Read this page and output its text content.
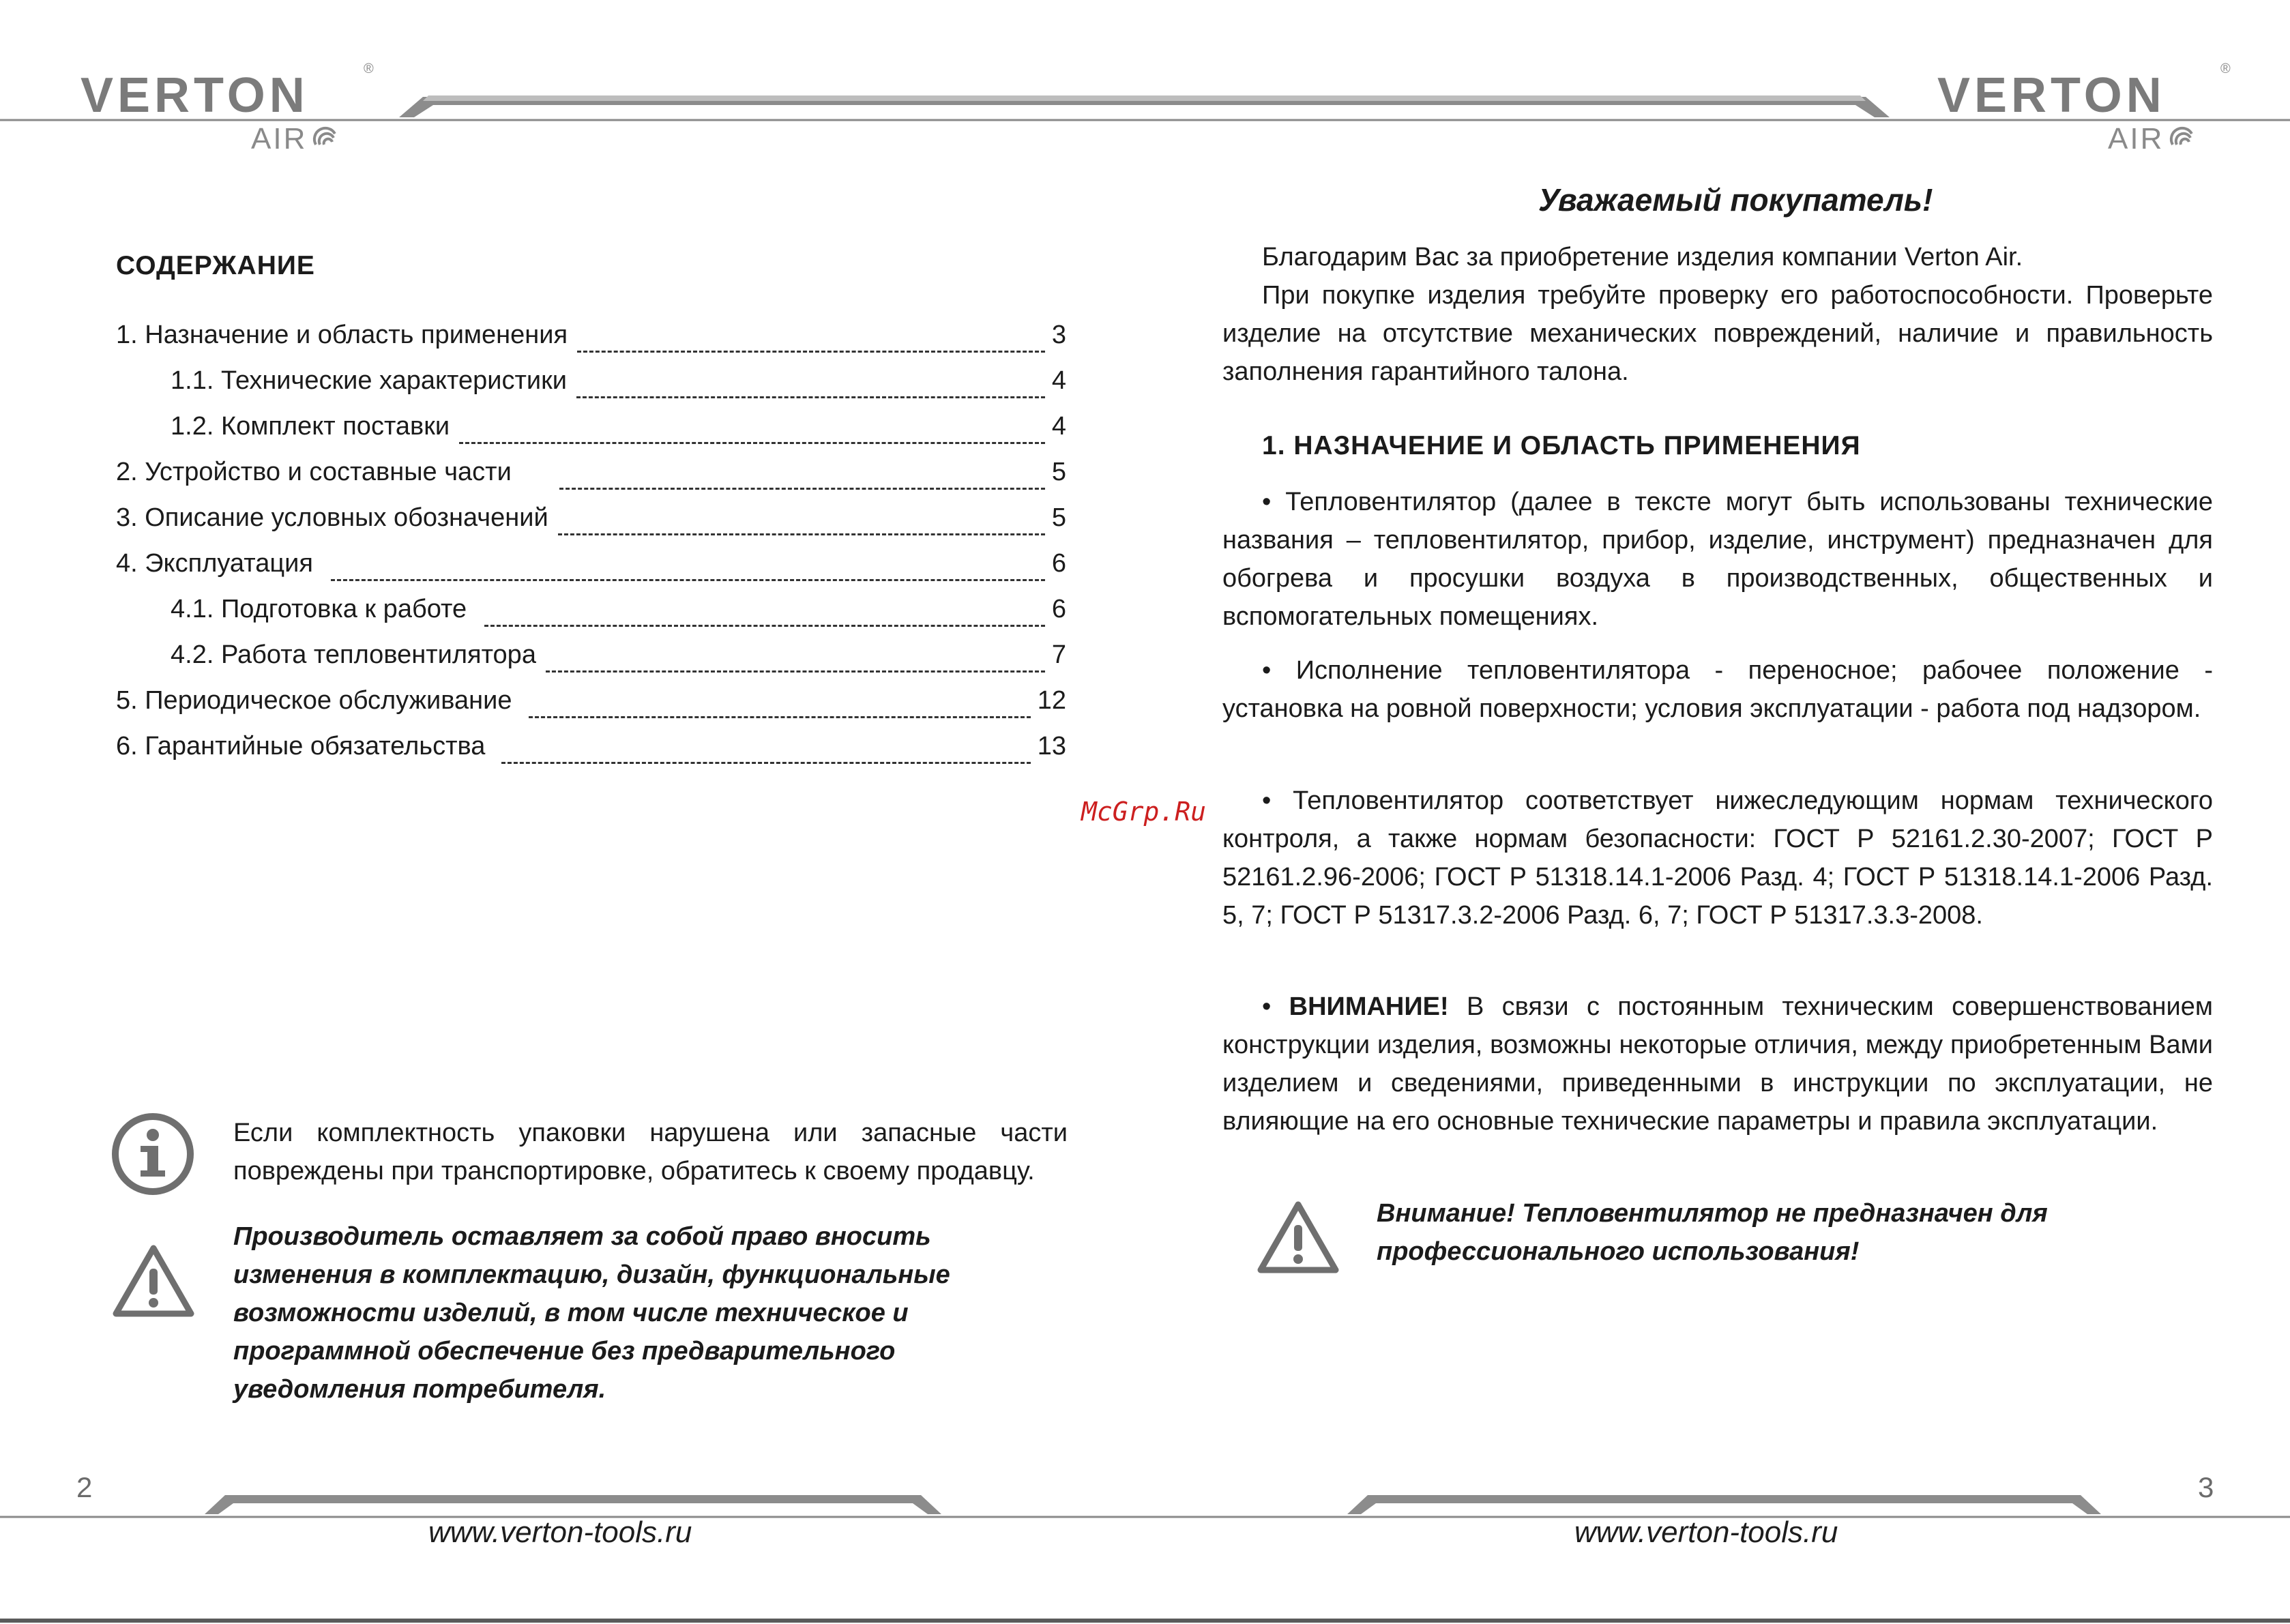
VERTON	®
AIR
VERTON	®
AIR
СОДЕРЖАНИЕ
1. Назначение и область применения	3
1.1. Технические характеристики	4
1.2. Комплект поставки	4
2. Устройство и составные части	5
3. Описание условных обозначений	5
4. Эксплуатация	6
4.1. Подготовка к работе	6
4.2. Работа тепловентилятора	7
5. Периодическое обслуживание	12
6. Гарантийные обязательства	13
Если комплектность упаковки нарушена или запасные части повреждены при транспортировке, обратитесь к своему продавцу.
Производитель оставляет за собой право вносить изменения в комплектацию, дизайн, функциональные возможности изделий, в том числе техническое и программной обеспечение без предварительного уведомления потребителя.
2
www.verton-tools.ru
McGrp.Ru
Уважаемый покупатель!
Благодарим Вас за приобретение изделия компании Verton Air.
При покупке изделия требуйте проверку его работоспособности. Проверьте изделие на отсутствие механических повреждений, наличие и правильность заполнения гарантийного талона.
1. НАЗНАЧЕНИЕ И ОБЛАСТЬ ПРИМЕНЕНИЯ
• Тепловентилятор (далее в тексте могут быть использованы технические названия – тепловентилятор, прибор, изделие, инструмент) предназначен для обогрева и просушки воздуха в производственных, общественных и вспомогательных помещениях.
• Исполнение тепловентилятора - переносное; рабочее положение - установка на ровной поверхности; условия эксплуатации - работа под надзором.
• Тепловентилятор соответствует нижеследующим нормам технического контроля, а также нормам безопасности: ГОСТ Р 52161.2.30-2007; ГОСТ Р 52161.2.96-2006; ГОСТ Р 51318.14.1-2006 Разд. 4; ГОСТ Р 51318.14.1-2006 Разд. 5, 7; ГОСТ Р 51317.3.2-2006 Разд. 6, 7; ГОСТ Р 51317.3.3-2008.
• ВНИМАНИЕ! В связи с постоянным техническим совершенствованием конструкции изделия, возможны некоторые отличия, между приобретенным Вами изделием и сведениями, приведенными в инструкции по эксплуатации, не влияющие на его основные технические параметры и правила эксплуатации.
Внимание! Тепловентилятор не предназначен для профессионального использования!
3
www.verton-tools.ru
